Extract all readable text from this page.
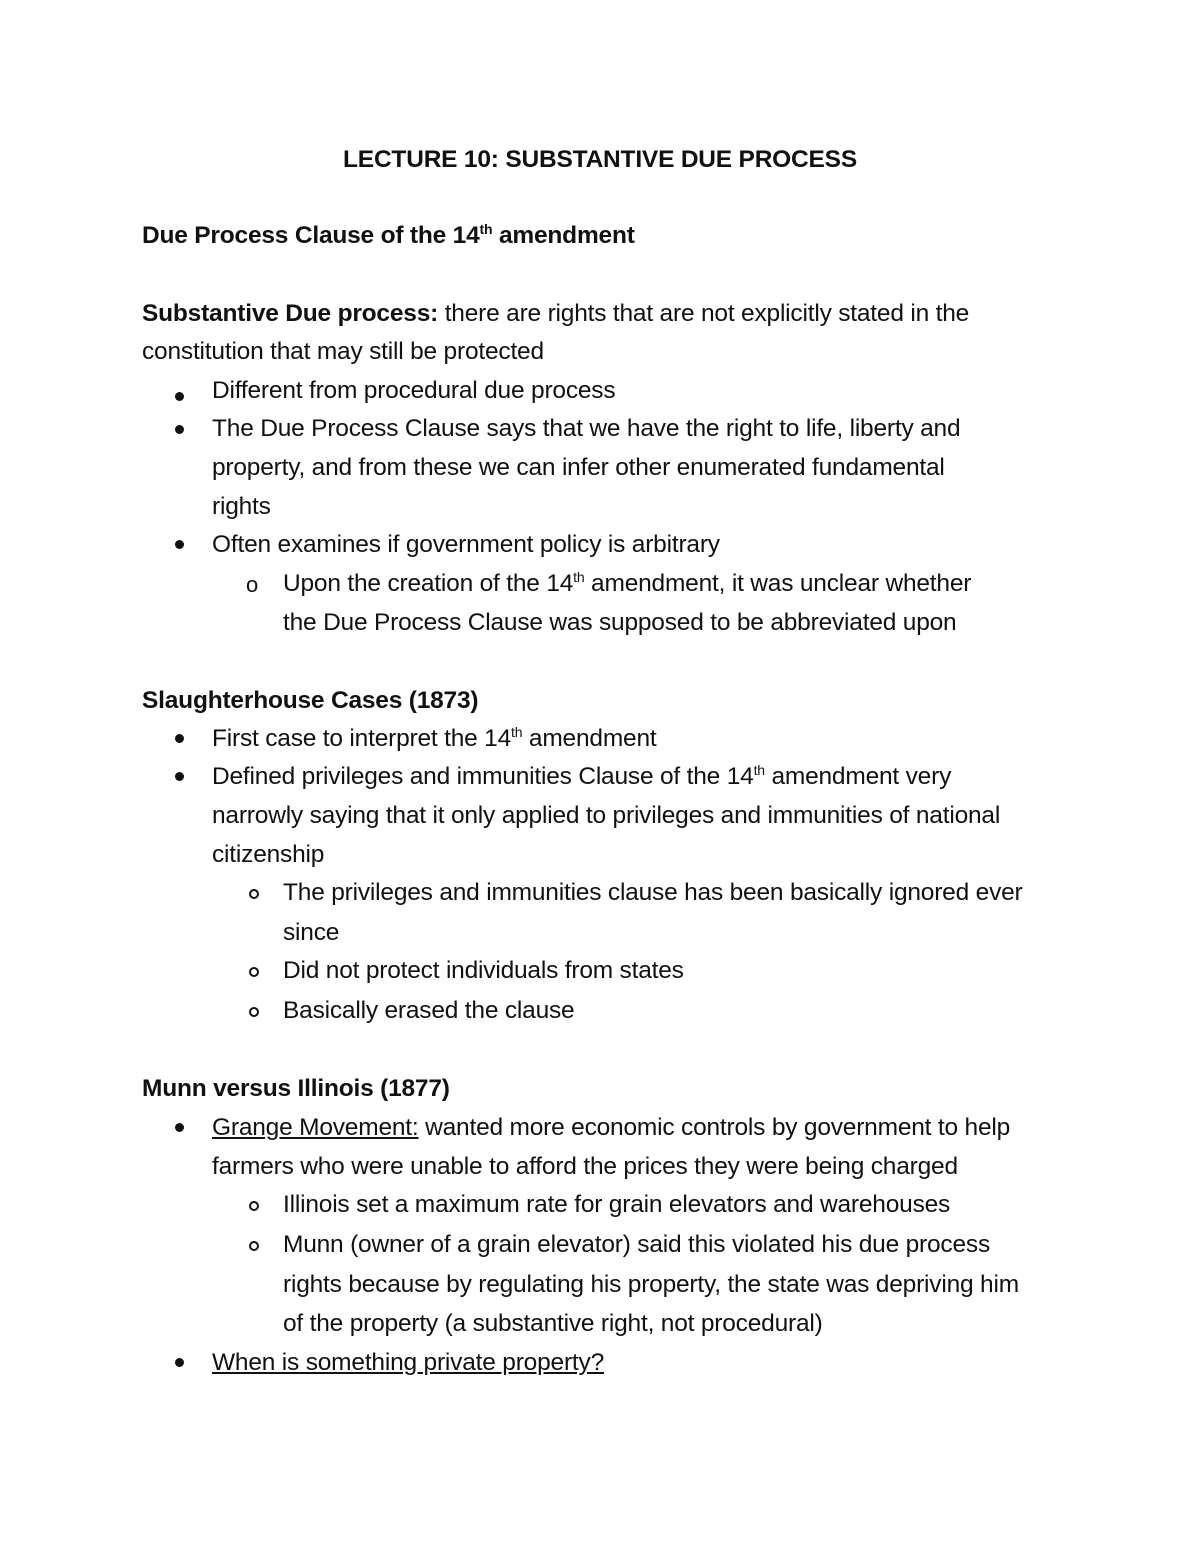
LECTURE 10: SUBSTANTIVE DUE PROCESS
Due Process Clause of the 14th amendment
Substantive Due process: there are rights that are not explicitly stated in the
constitution that may still be protected
Different from procedural due process
The Due Process Clause says that we have the right to life, liberty and
property, and from these we can infer other enumerated fundamental
rights
Often examines if government policy is arbitrary
o Upon the creation of the 14th amendment, it was unclear whether
the Due Process Clause was supposed to be abbreviated upon
Slaughterhouse Cases (1873)
First case to interpret the 14th amendment
Defined privileges and immunities Clause of the 14th amendment very
narrowly saying that it only applied to privileges and immunities of national
citizenship
The privileges and immunities clause has been basically ignored ever
since
Did not protect individuals from states
Basically erased the clause
Munn versus Illinois (1877)
Grange Movement: wanted more economic controls by government to help
farmers who were unable to afford the prices they were being charged
Illinois set a maximum rate for grain elevators and warehouses
Munn (owner of a grain elevator) said this violated his due process
rights because by regulating his property, the state was depriving him
of the property (a substantive right, not procedural)
When is something private property?
